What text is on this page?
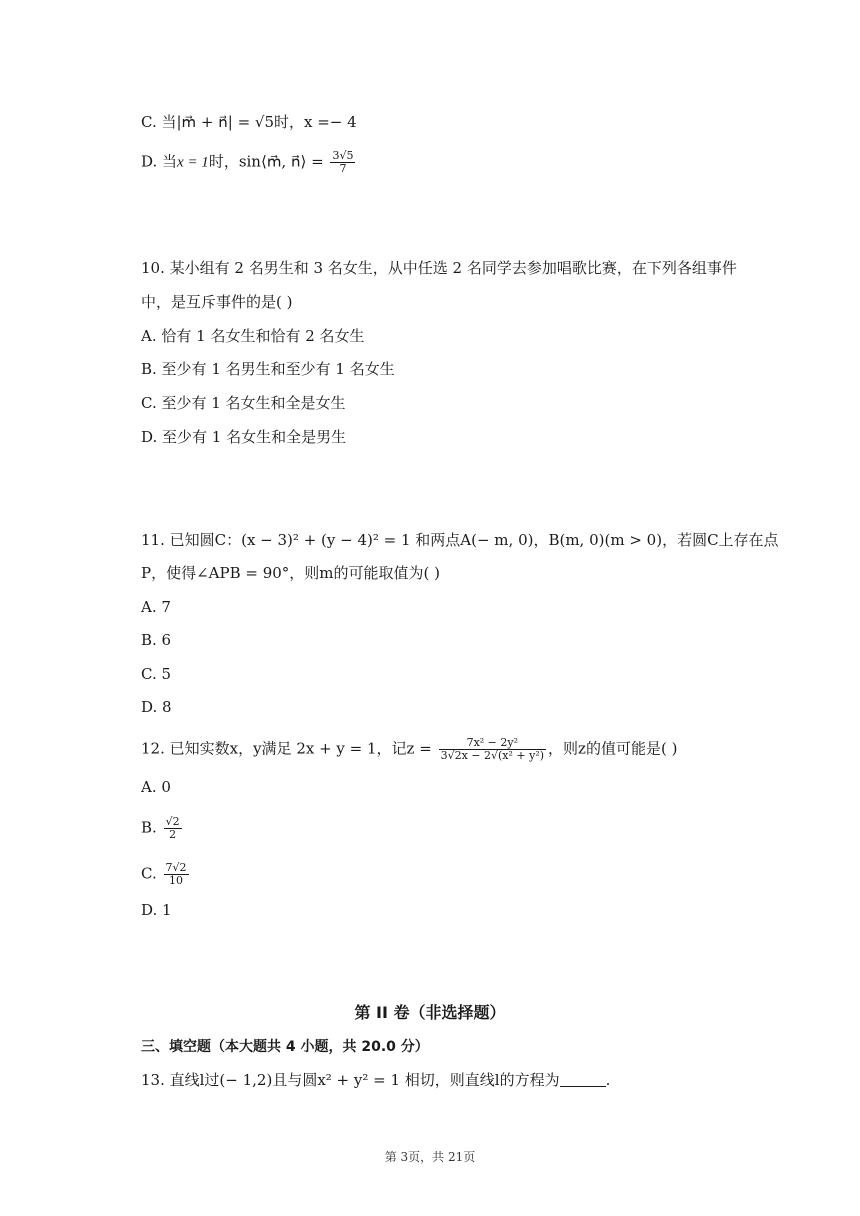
C. 当|m⃗ + n⃗| = √5时，x =− 4
D. 当x = 1时，sin⟨m⃗, n⃗⟩ = $\frac{3√5}{7}$
10. 某小组有 2 名男生和 3 名女生，从中任选 2 名同学去参加唱歌比赛，在下列各组事件
中，是互斥事件的是( )
A. 恰有 1 名女生和恰有 2 名女生
B. 至少有 1 名男生和至少有 1 名女生
C. 至少有 1 名女生和全是女生
D. 至少有 1 名女生和全是男生
11. 已知圆C：(x − 3)² + (y − 4)² = 1 和两点A(− m, 0)，B(m, 0)(m > 0)，若圆C上存在点
P，使得∠APB = 90°，则m的可能取值为( )
A. 7
B. 6
C. 5
D. 8
12. 已知实数x，y满足 2x + y = 1，记$z = \frac{\text{7x² − 2y²}}{\text{3√2x − 2√(x² + y²)}}$ ，则z的值可能是( )
A. 0
B. $\frac{√2}{2}$
C. $\frac{7√2}{10}$
D. 1
第 II 卷（非选择题）
三、填空题（本大题共 4 小题，共 20.0 分）
13. 直线l过(− 1,2)且与圆x² + y² = 1 相切，则直线l的方程为	.
第 3页，共 21页
